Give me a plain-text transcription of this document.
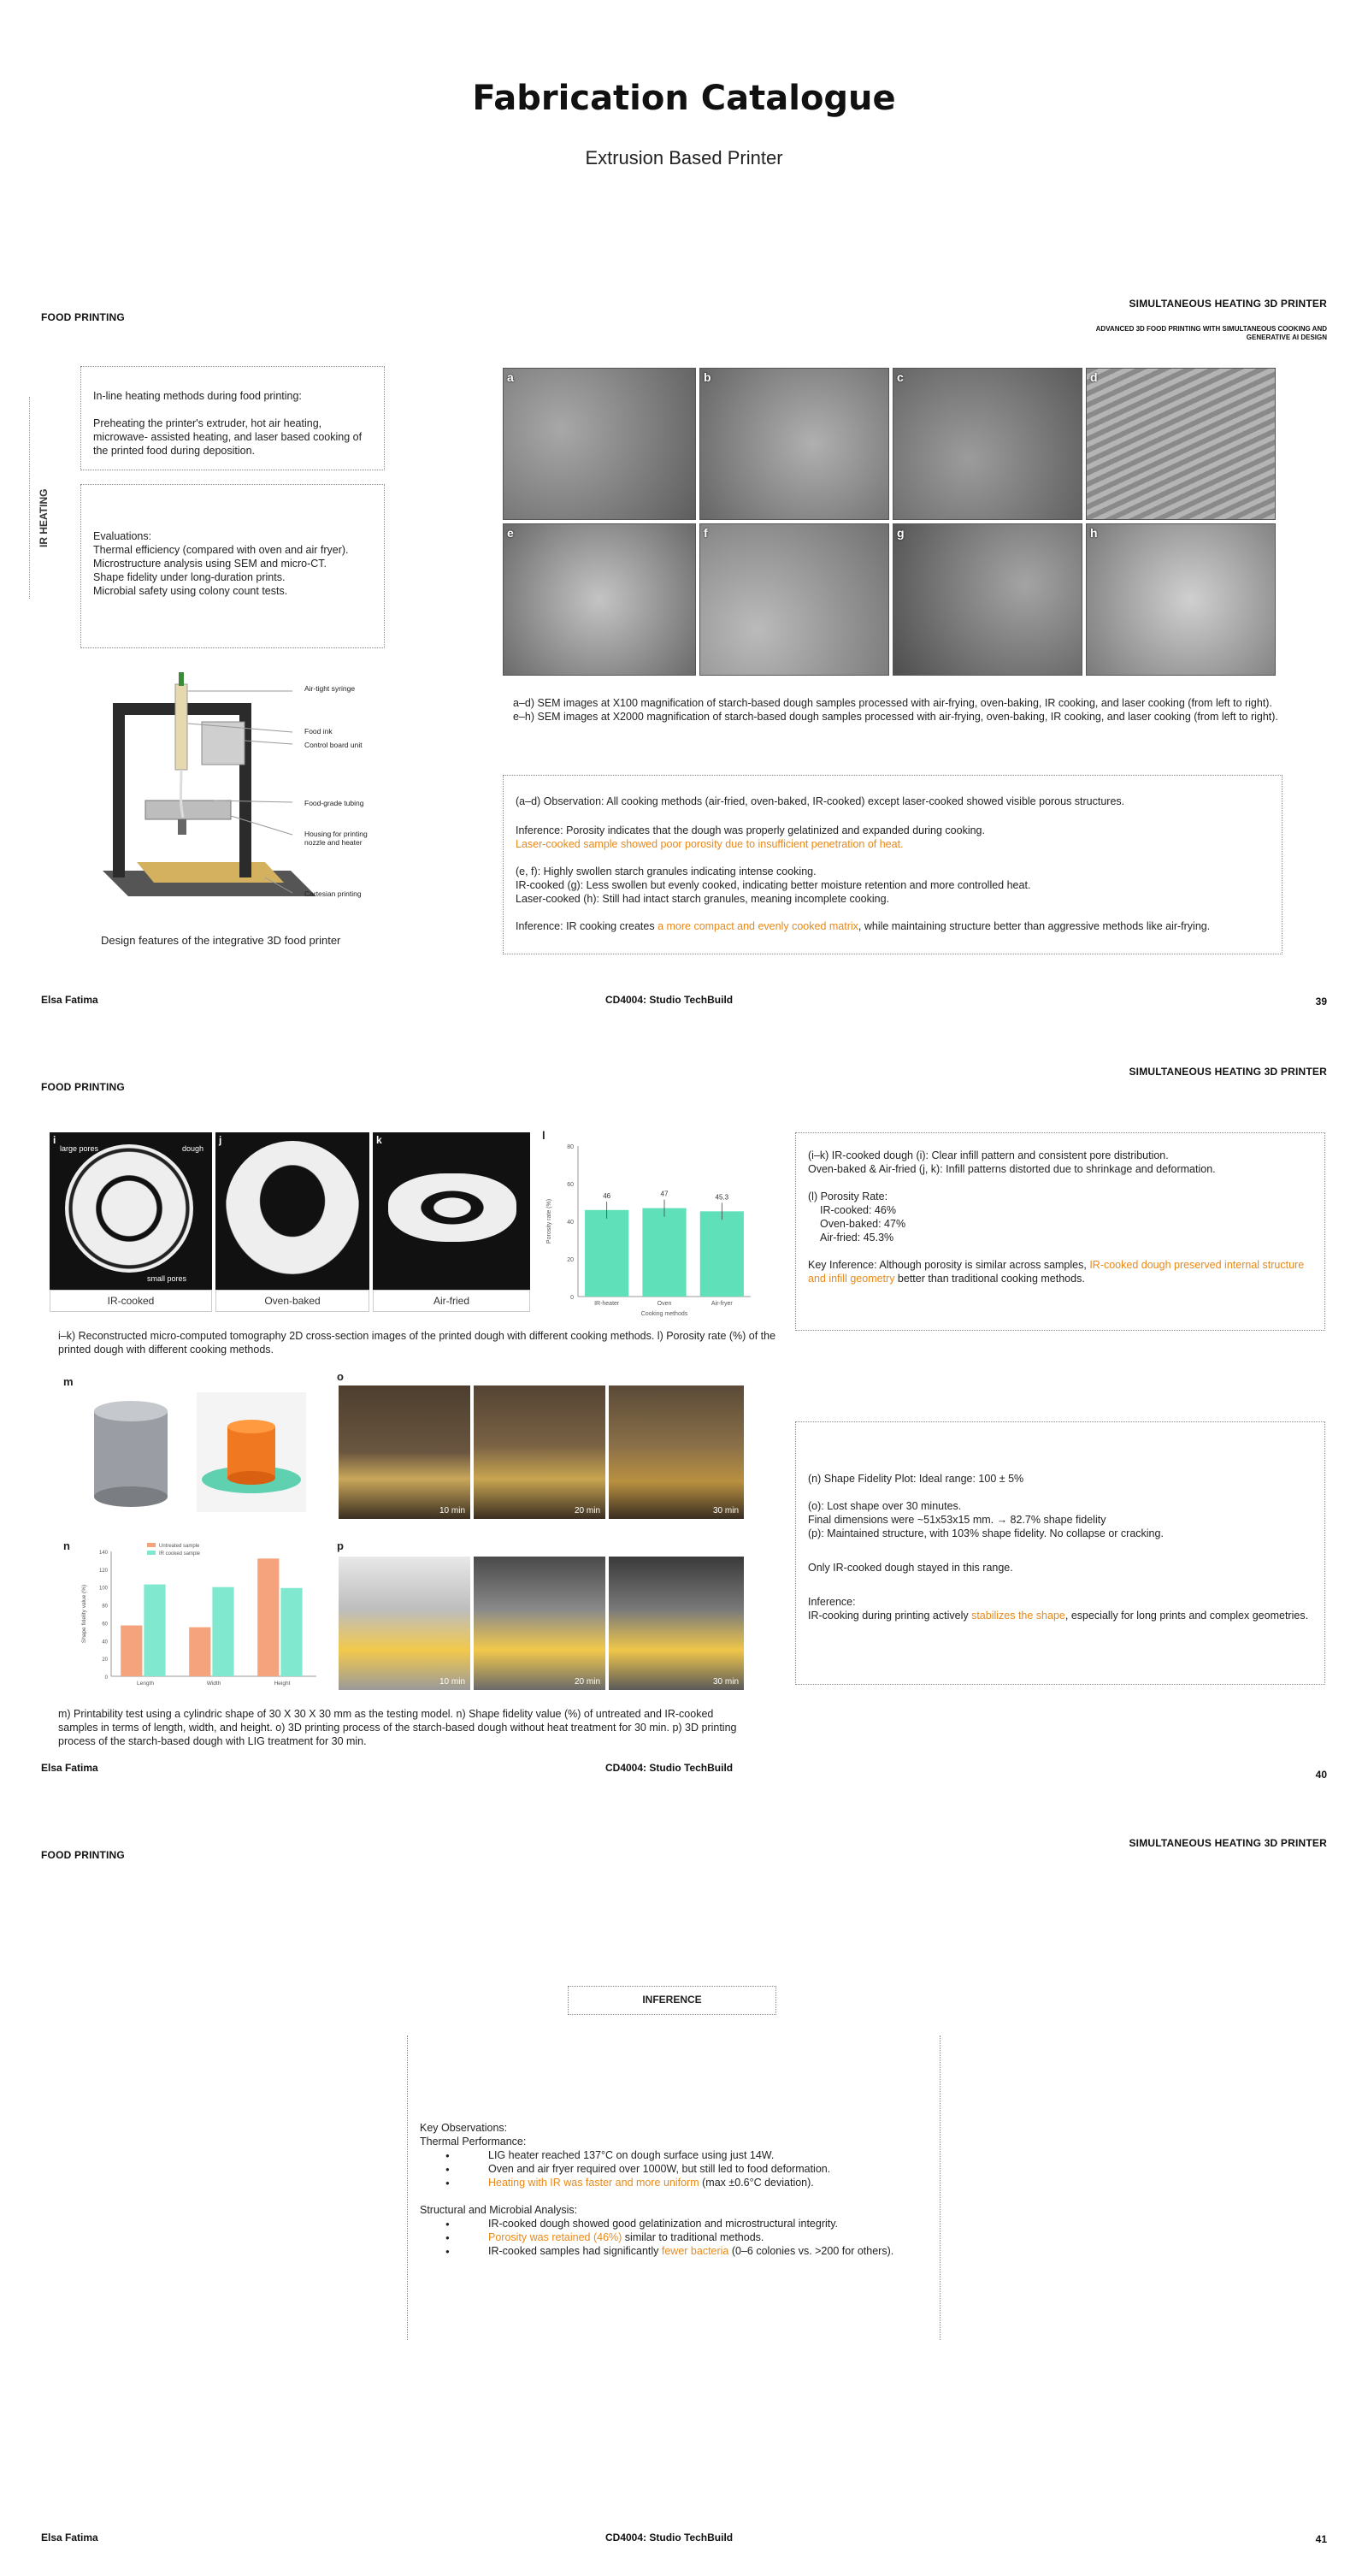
Fabrication Catalogue
Extrusion Based Printer
FOOD PRINTING
SIMULTANEOUS HEATING 3D PRINTER
ADVANCED 3D FOOD PRINTING WITH SIMULTANEOUS COOKING AND GENERATIVE AI DESIGN
IR HEATING
In-line heating methods during food printing:
Preheating the printer's extruder, hot air heating, microwave- assisted heating, and laser based cooking of the printed food during deposition.
Evaluations:
Thermal efficiency (compared with oven and air fryer).
Microstructure analysis using SEM and micro-CT.
Shape fidelity under long-duration prints.
Microbial safety using colony count tests.
Air-tight syringe
Food ink
Control board unit
Food-grade tubing
Housing for printing nozzle and heater
Cartesian printing
Design features of the integrative 3D food printer
a	b	c	d
e	f	g	h
a–d) SEM images at X100 magnification of starch-based dough samples processed with air-frying, oven-baking, IR cooking, and laser cooking (from left to right). e–h) SEM images at X2000 magnification of starch-based dough samples processed with air-frying, oven-baking, IR cooking, and laser cooking (from left to right).
(a–d) Observation: All cooking methods (air-fried, oven-baked, IR-cooked) except laser-cooked showed visible porous structures.
Inference: Porosity indicates that the dough was properly gelatinized and expanded during cooking.
Laser-cooked sample showed poor porosity due to insufficient penetration of heat.
(e, f): Highly swollen starch granules indicating intense cooking.
IR-cooked (g): Less swollen but evenly cooked, indicating better moisture retention and more controlled heat.
Laser-cooked (h): Still had intact starch granules, meaning incomplete cooking.
Inference: IR cooking creates a more compact and evenly cooked matrix, while maintaining structure better than aggressive methods like air-frying.
Elsa Fatima	CD4004: Studio TechBuild	39
FOOD PRINTING
SIMULTANEOUS HEATING 3D PRINTER
i
large pores	dough
small pores
IR-cooked
j
Oven-baked
k
Air-fried
l
0
20
40
60
80
46
IR-heater
47
Oven
45.3
Air-fryer
Cooking methods
Porosity rate (%)
i–k) Reconstructed micro-computed tomography 2D cross-section images of the printed dough with different cooking methods. l) Porosity rate (%) of the printed dough with different cooking methods.
(i–k) IR-cooked dough (i): Clear infill pattern and consistent pore distribution.
Oven-baked & Air-fried (j, k): Infill patterns distorted due to shrinkage and deformation.
(l) Porosity Rate:
IR-cooked: 46%
Oven-baked: 47%
Air-fried: 45.3%
Key Inference: Although porosity is similar across samples, IR-cooked dough preserved internal structure and infill geometry better than traditional cooking methods.
m	o
10 min	20 min	30 min
n
0
20
40
60
80
100
120
140
Length	Width	Height
Untreated sample
IR cooked sample
Shape fidelity value (%)
p
10 min	20 min	30 min
(n) Shape Fidelity Plot: Ideal range: 100 ± 5%
(o): Lost shape over 30 minutes.
Final dimensions were ~51x53x15 mm. → 82.7% shape fidelity
(p): Maintained structure, with 103% shape fidelity. No collapse or cracking.
Only IR-cooked dough stayed in this range.
Inference:
IR-cooking during printing actively stabilizes the shape, especially for long prints and complex geometries.
m) Printability test using a cylindric shape of 30 X 30 X 30 mm as the testing model. n) Shape fidelity value (%) of untreated and IR-cooked samples in terms of length, width, and height. o) 3D printing process of the starch-based dough without heat treatment for 30 min. p) 3D printing process of the starch-based dough with LIG treatment for 30 min.
Elsa Fatima	CD4004: Studio TechBuild
40
FOOD PRINTING
SIMULTANEOUS HEATING 3D PRINTER
INFERENCE
Key Observations:
Thermal Performance:
● LIG heater reached 137°C on dough surface using just 14W.
● Oven and air fryer required over 1000W, but still led to food deformation.
● Heating with IR was faster and more uniform (max ±0.6°C deviation).
Structural and Microbial Analysis:
● IR-cooked dough showed good gelatinization and microstructural integrity.
● Porosity was retained (46%) similar to traditional methods.
● IR-cooked samples had significantly fewer bacteria (0–6 colonies vs. >200 for others).
Elsa Fatima	CD4004: Studio TechBuild	41
